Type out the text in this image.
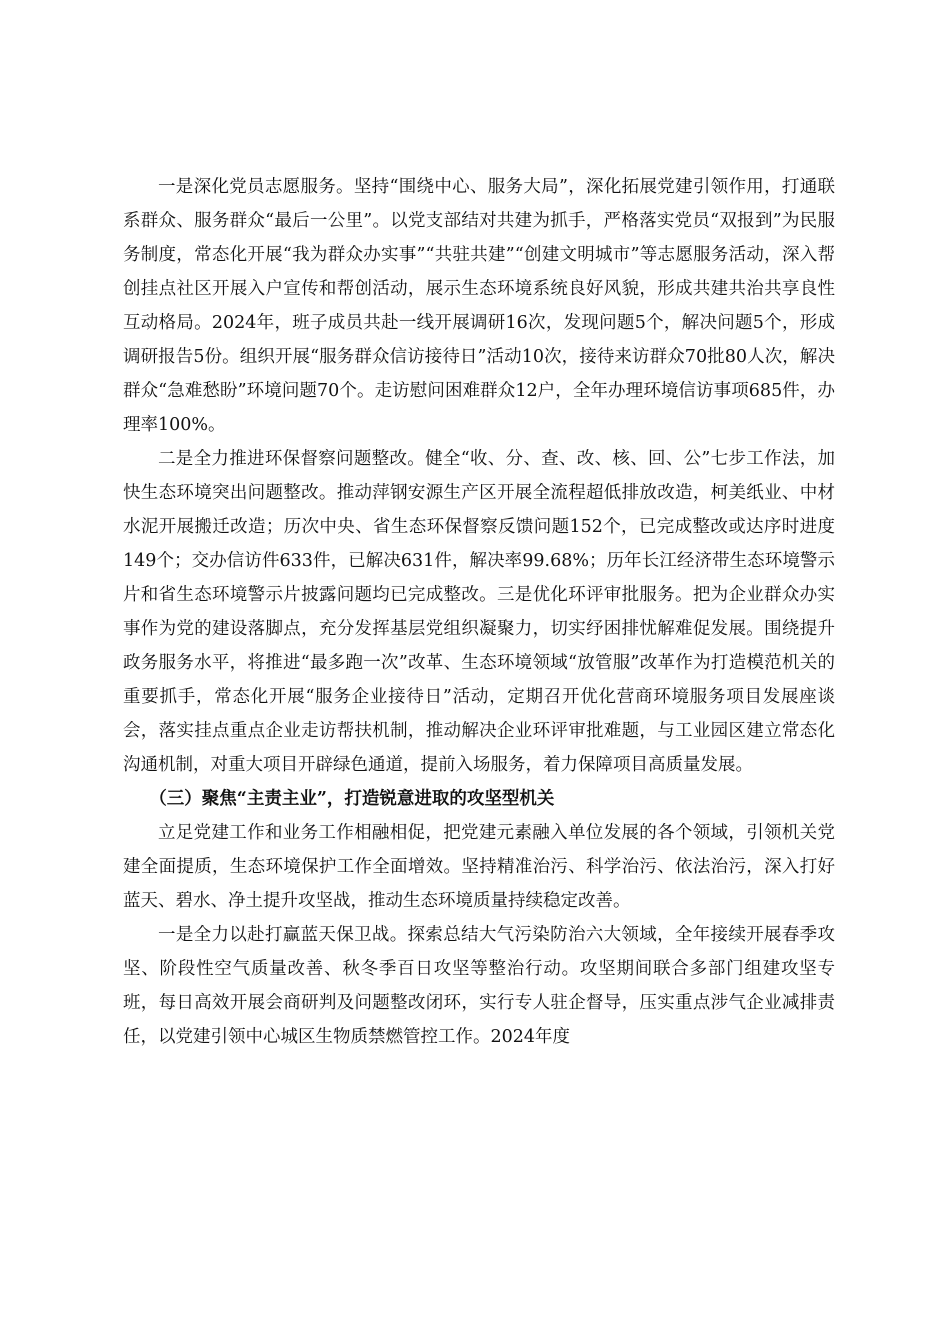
一是深化党员志愿服务。坚持“围绕中心、服务大局”，深化拓展党建引领作用，打通联系群众、服务群众“最后一公里”。以党支部结对共建为抓手，严格落实党员“双报到”为民服务制度，常态化开展“我为群众办实事”“共驻共建”“创建文明城市”等志愿服务活动，深入帮创挂点社区开展入户宣传和帮创活动，展示生态环境系统良好风貌，形成共建共治共享良性互动格局。2024年，班子成员共赴一线开展调研16次，发现问题5个，解决问题5个，形成调研报告5份。组织开展“服务群众信访接待日”活动10次，接待来访群众70批80人次，解决群众“急难愁盼”环境问题70个。走访慰问困难群众12户，全年办理环境信访事项685件，办理率100%。

二是全力推进环保督察问题整改。健全“收、分、查、改、核、回、公”七步工作法，加快生态环境突出问题整改。推动萍钢安源生产区开展全流程超低排放改造，柯美纸业、中材水泥开展搬迁改造；历次中央、省生态环保督察反馈问题152个，已完成整改或达序时进度149个；交办信访件633件，已解决631件，解决率99.68%；历年长江经济带生态环境警示片和省生态环境警示片披露问题均已完成整改。三是优化环评审批服务。把为企业群众办实事作为党的建设落脚点，充分发挥基层党组织凝聚力，切实纾困排忧解难促发展。围绕提升政务服务水平，将推进“最多跑一次”改革、生态环境领域“放管服”改革作为打造模范机关的重要抓手，常态化开展“服务企业接待日”活动，定期召开优化营商环境服务项目发展座谈会，落实挂点重点企业走访帮扶机制，推动解决企业环评审批难题，与工业园区建立常态化沟通机制，对重大项目开辟绿色通道，提前入场服务，着力保障项目高质量发展。

（三）聚焦“主责主业”，打造锐意进取的攻坚型机关

立足党建工作和业务工作相融相促，把党建元素融入单位发展的各个领域，引领机关党建全面提质，生态环境保护工作全面增效。坚持精准治污、科学治污、依法治污，深入打好蓝天、碧水、净土提升攻坚战，推动生态环境质量持续稳定改善。

一是全力以赴打赢蓝天保卫战。探索总结大气污染防治六大领域，全年接续开展春季攻坚、阶段性空气质量改善、秋冬季百日攻坚等整治行动。攻坚期间联合多部门组建攻坚专班，每日高效开展会商研判及问题整改闭环，实行专人驻企督导，压实重点涉气企业减排责任，以党建引领中心城区生物质禁燃管控工作。2024年度
